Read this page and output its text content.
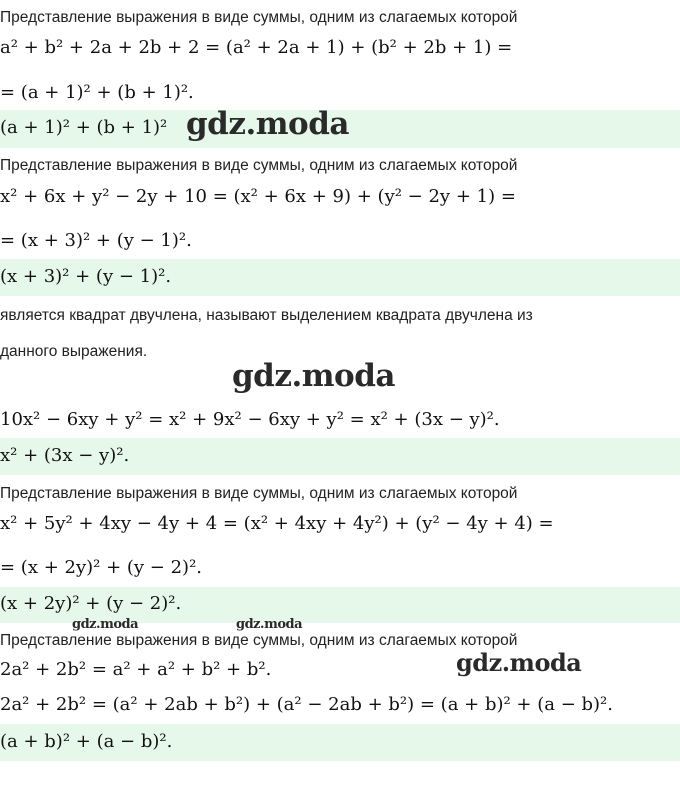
Представление выражения в виде суммы, одним из слагаемых которой
a² + b² + 2a + 2b + 2 = (a² + 2a + 1) + (b² + 2b + 1) =
= (a + 1)² + (b + 1)².
(a + 1)² + (b + 1)² gdz.moda
Представление выражения в виде суммы, одним из слагаемых которой
x² + 6x + y² − 2y + 10 = (x² + 6x + 9) + (y² − 2y + 1) =
= (x + 3)² + (y − 1)².
(x + 3)² + (y − 1)².
является квадрат двучлена, называют выделением квадрата двучлена из
данного выражения.
gdz.moda
10x² − 6xy + y² = x² + 9x² − 6xy + y² = x² + (3x − y)².
x² + (3x − y)².
Представление выражения в виде суммы, одним из слагаемых которой
x² + 5y² + 4xy − 4y + 4 = (x² + 4xy + 4y²) + (y² − 4y + 4) =
= (x + 2y)² + (y − 2)².
(x + 2y)² + (y − 2)².
gdz.moda	gdz.moda
Представление выражения в виде суммы, одним из слагаемых которой
2a² + 2b² = a² + a² + b² + b².	gdz.moda
2a² + 2b² = (a² + 2ab + b²) + (a² − 2ab + b²) = (a + b)² + (a − b)².
(a + b)² + (a − b)².
